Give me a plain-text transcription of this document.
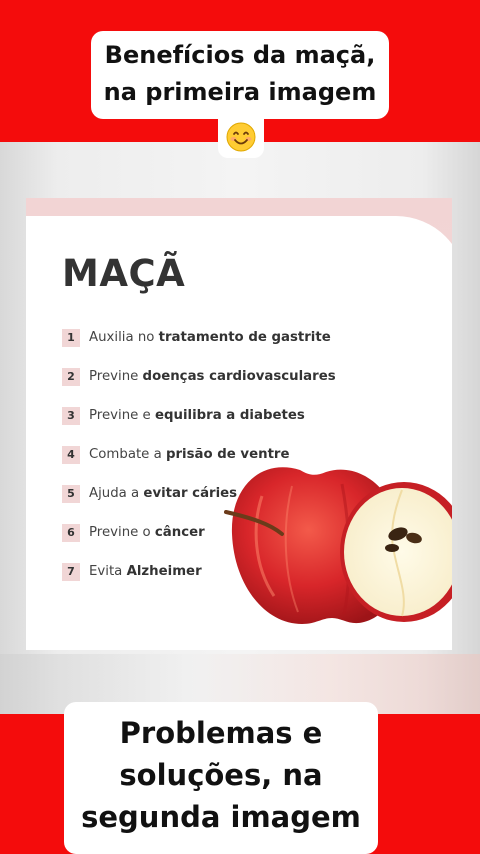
MAÇÃ
1	Auxilia no tratamento de gastrite
2	Previne doenças cardiovasculares
3	Previne e equilibra a diabetes
4	Combate a prisão de ventre
5	Ajuda a evitar cáries
6	Previne o câncer
7	Evita Alzheimer

Benefícios da maçã,
na primeira imagem

Problemas e
soluções, na
segunda imagem
